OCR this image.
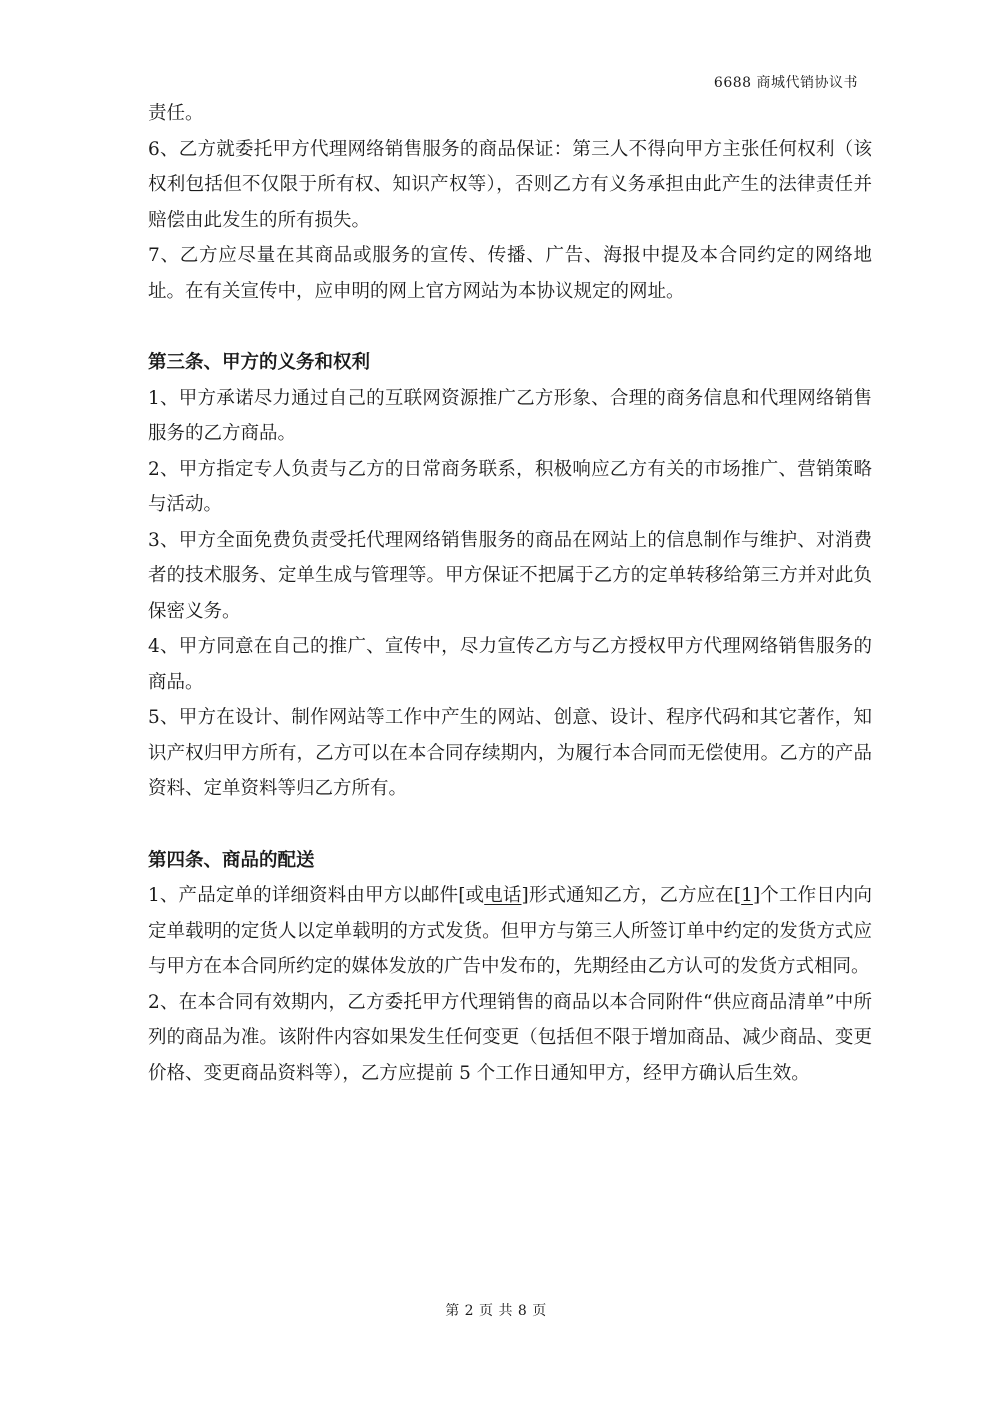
6688 商城代销协议书

责任。

6、乙方就委托甲方代理网络销售服务的商品保证：第三人不得向甲方主张任何权利（该权利包括但不仅限于所有权、知识产权等），否则乙方有义务承担由此产生的法律责任并赔偿由此发生的所有损失。

7、乙方应尽量在其商品或服务的宣传、传播、广告、海报中提及本合同约定的网络地址。在有关宣传中，应申明的网上官方网站为本协议规定的网址。

第三条、甲方的义务和权利

1、甲方承诺尽力通过自己的互联网资源推广乙方形象、合理的商务信息和代理网络销售服务的乙方商品。

2、甲方指定专人负责与乙方的日常商务联系，积极响应乙方有关的市场推广、营销策略与活动。

3、甲方全面免费负责受托代理网络销售服务的商品在网站上的信息制作与维护、对消费者的技术服务、定单生成与管理等。甲方保证不把属于乙方的定单转移给第三方并对此负保密义务。

4、甲方同意在自己的推广、宣传中，尽力宣传乙方与乙方授权甲方代理网络销售服务的商品。

5、甲方在设计、制作网站等工作中产生的网站、创意、设计、程序代码和其它著作，知识产权归甲方所有，乙方可以在本合同存续期内，为履行本合同而无偿使用。乙方的产品资料、定单资料等归乙方所有。

第四条、商品的配送

1、产品定单的详细资料由甲方以邮件[或电话]形式通知乙方，乙方应在[1]个工作日内向定单载明的定货人以定单载明的方式发货。但甲方与第三人所签订单中约定的发货方式应与甲方在本合同所约定的媒体发放的广告中发布的，先期经由乙方认可的发货方式相同。

2、在本合同有效期内，乙方委托甲方代理销售的商品以本合同附件“供应商品清单”中所列的商品为准。该附件内容如果发生任何变更（包括但不限于增加商品、减少商品、变更价格、变更商品资料等），乙方应提前 5 个工作日通知甲方，经甲方确认后生效。

第 2 页 共 8 页
